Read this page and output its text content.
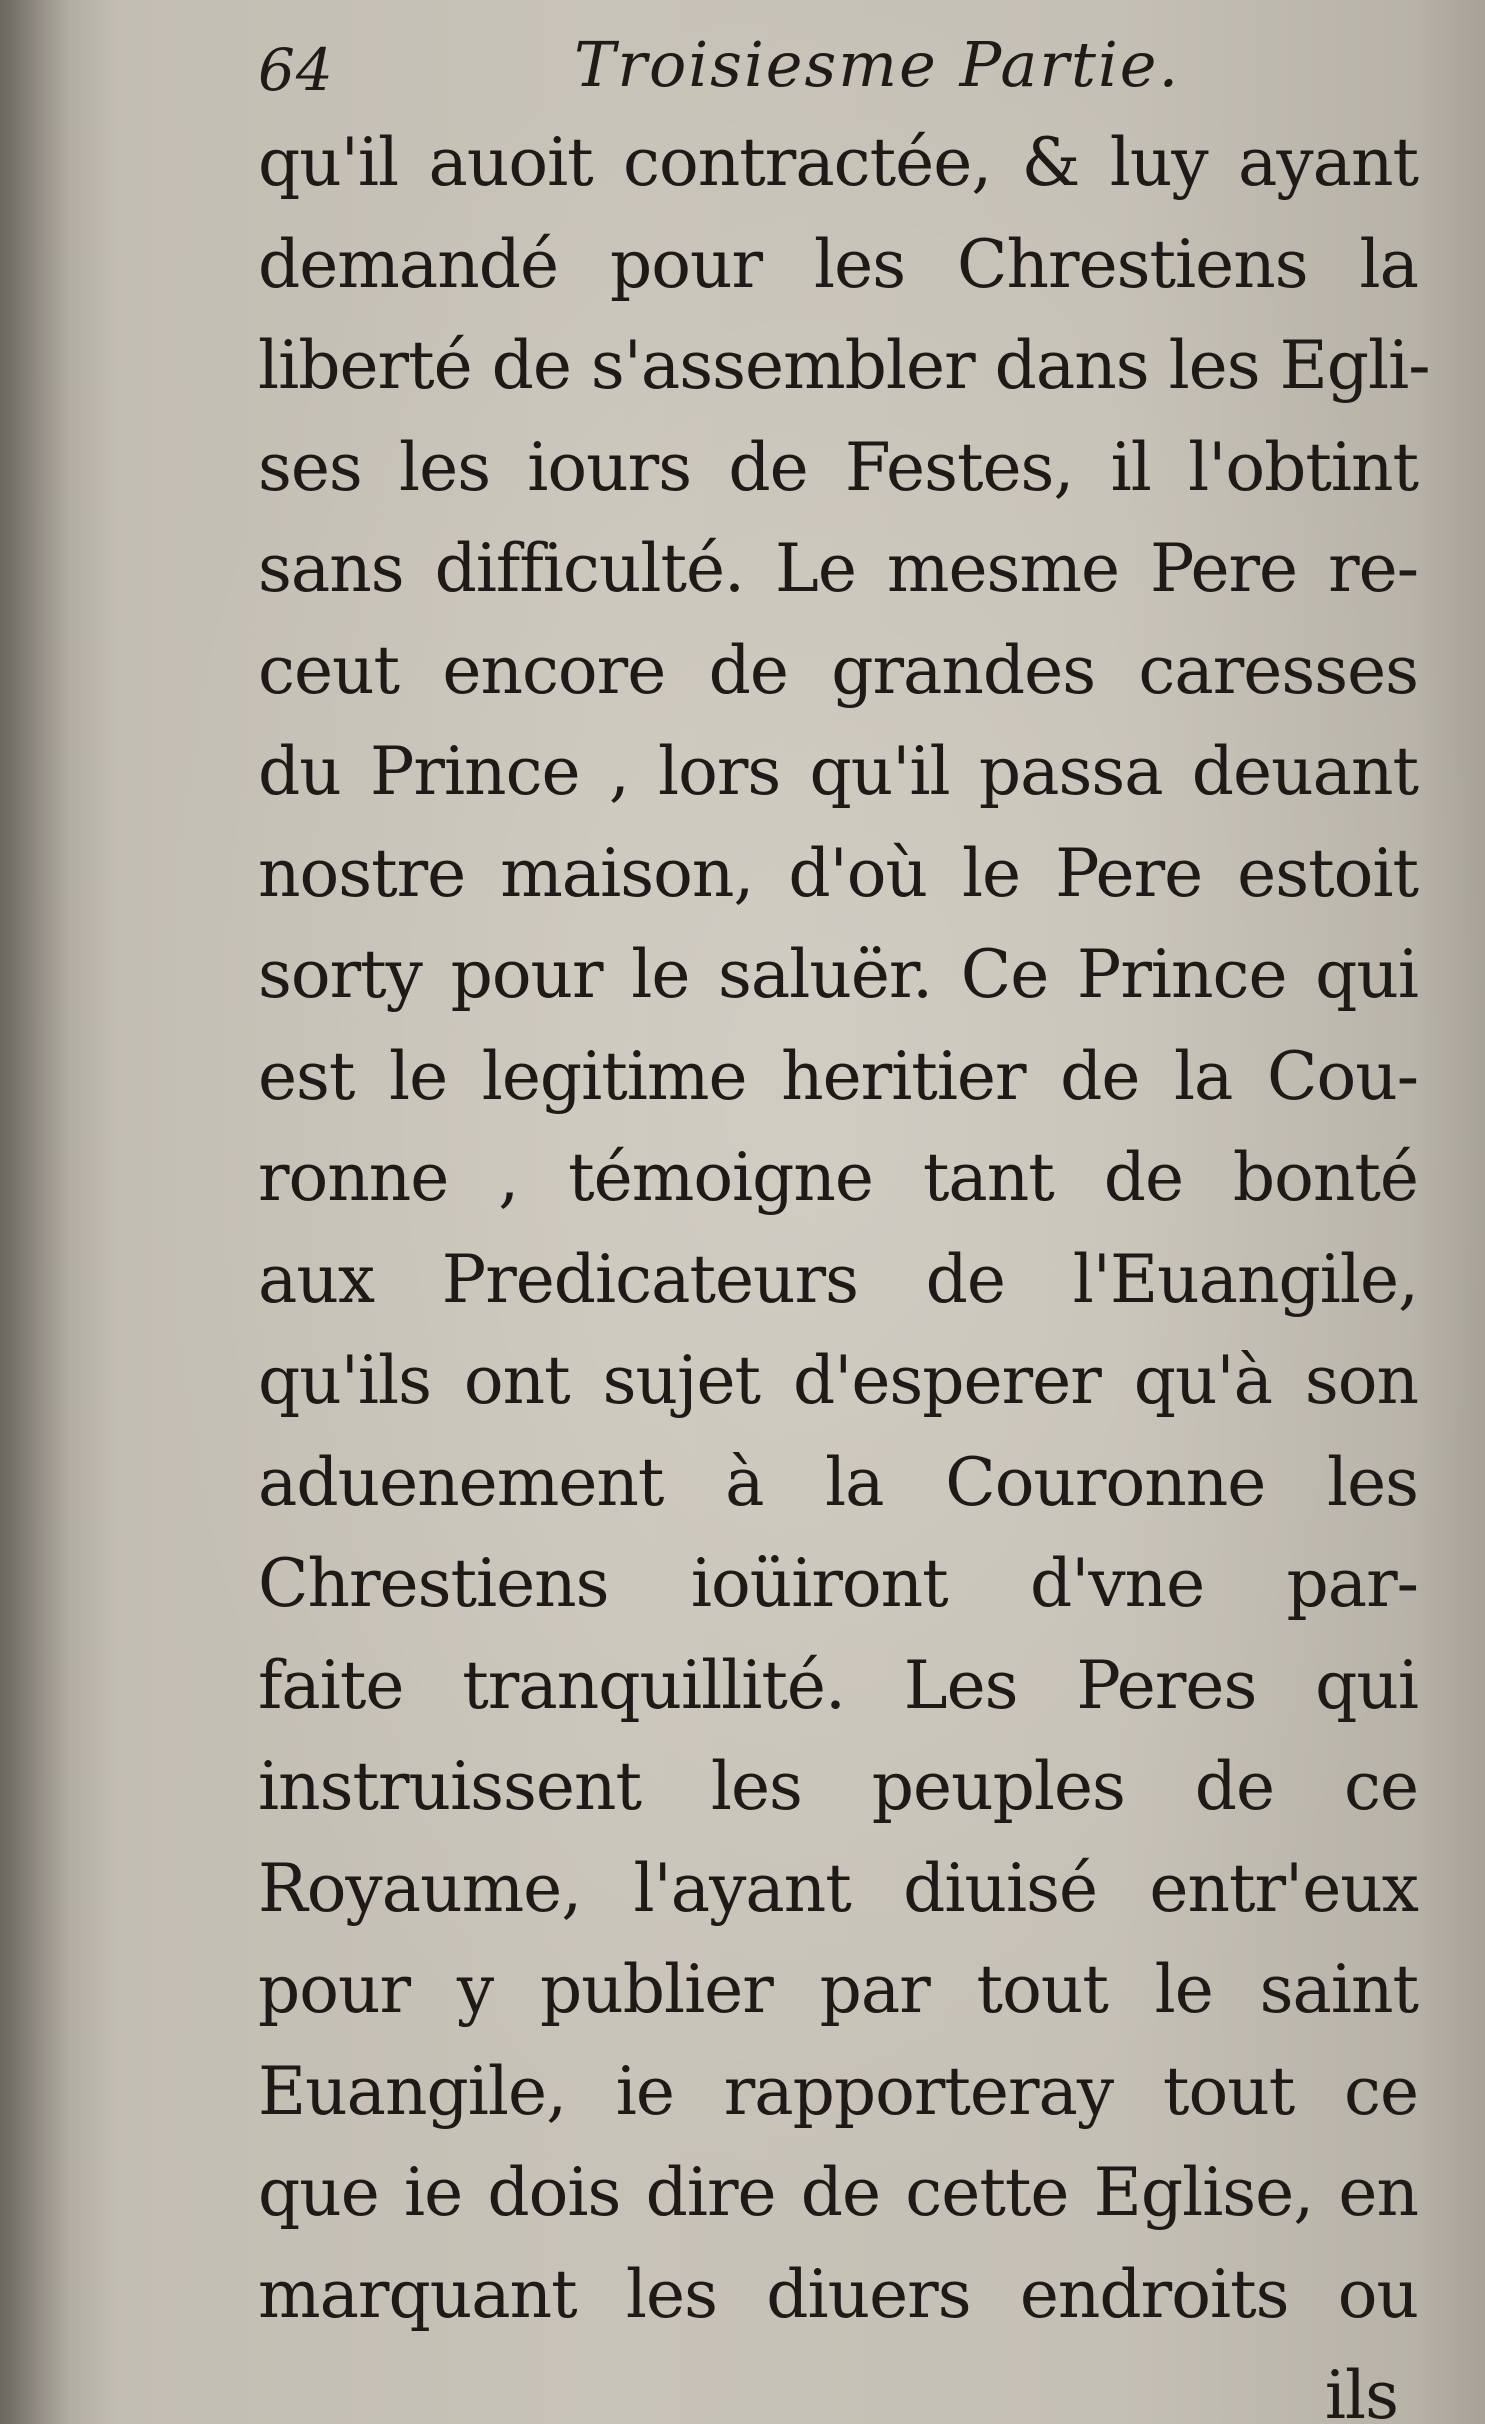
64	Troisiesme Partie.
qu'il auoit contractée, & luy ayant
demandé pour les Chrestiens la
liberté de s'assembler dans les Egli-
ses les iours de Festes, il l'obtint
sans difficulté. Le mesme Pere re-
ceut encore de grandes caresses
du Prince , lors qu'il passa deuant
nostre maison, d'où le Pere estoit
sorty pour le saluër. Ce Prince qui
est le legitime heritier de la Cou-
ronne , témoigne tant de bonté
aux Predicateurs de l'Euangile,
qu'ils ont sujet d'esperer qu'à son
aduenement à la Couronne les
Chrestiens ioüiront d'vne par-
faite tranquillité. Les Peres qui
instruissent les peuples de ce
Royaume, l'ayant diuisé entr'eux
pour y publier par tout le saint
Euangile, ie rapporteray tout ce
que ie dois dire de cette Eglise, en
marquant les diuers endroits ou
ils
